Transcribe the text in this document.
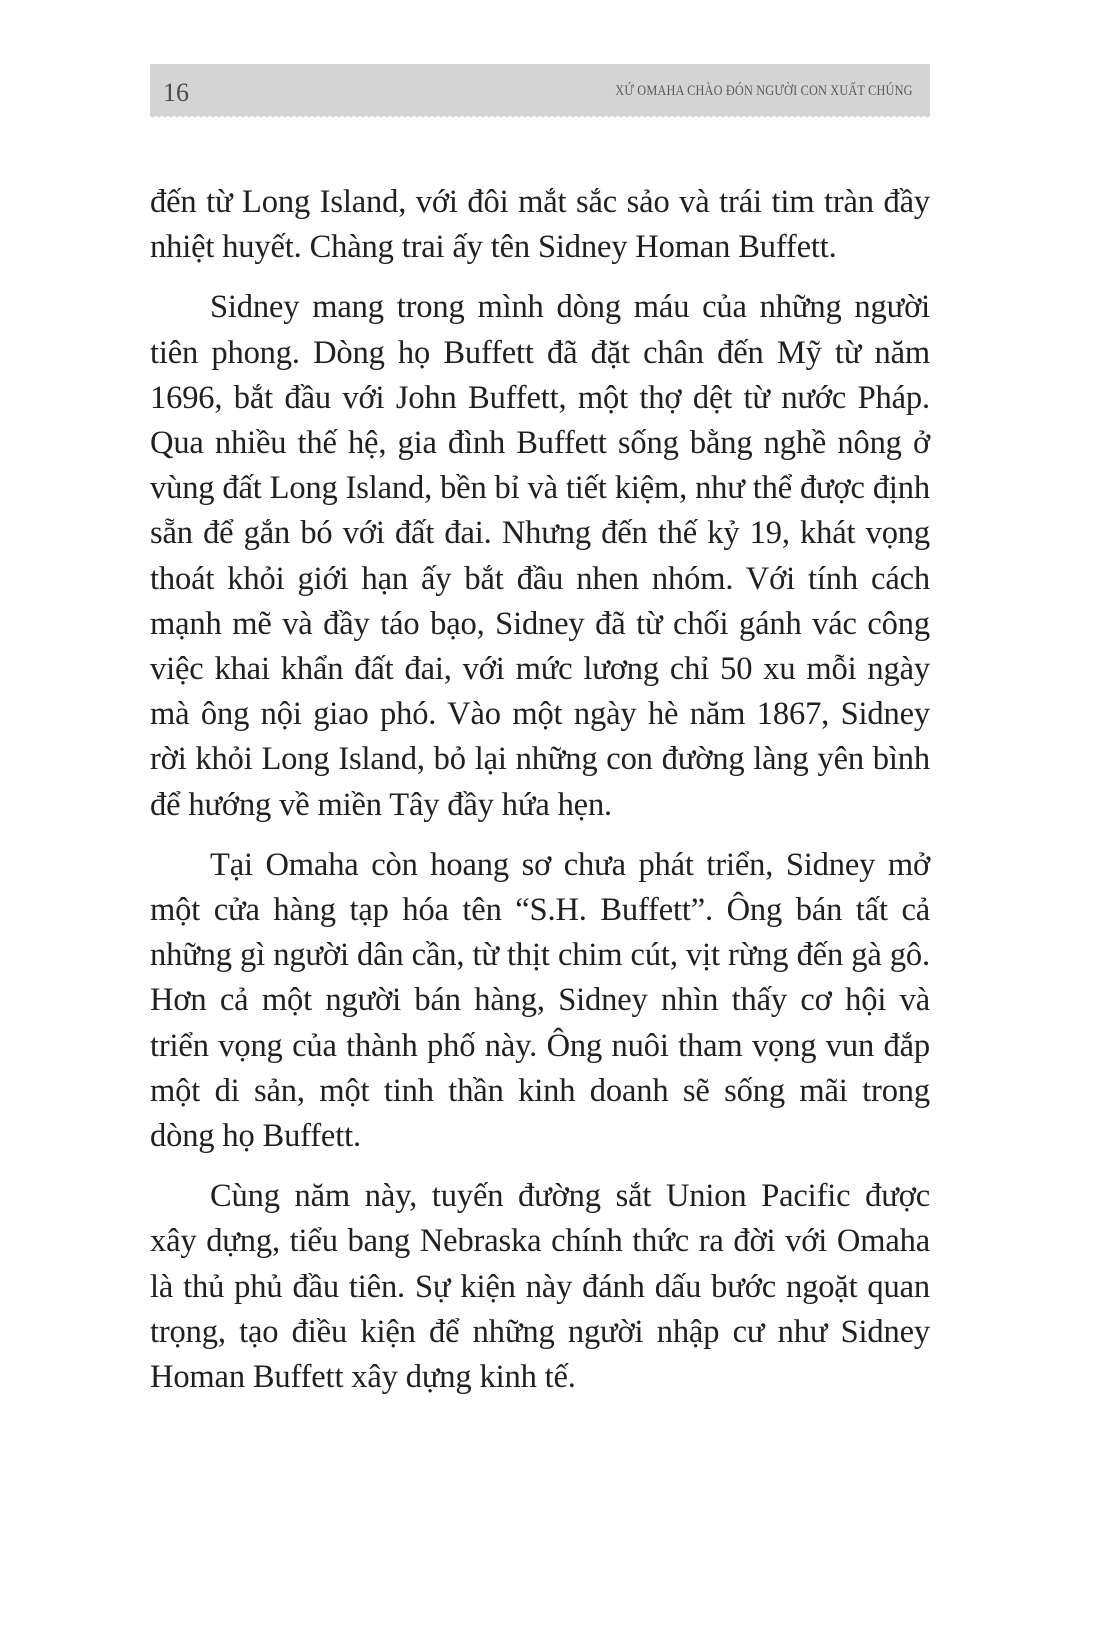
16	XỨ OMAHA CHÀO ĐÓN NGƯỜI CON XUẤT CHÚNG

đến từ Long Island, với đôi mắt sắc sảo và trái tim tràn đầy nhiệt huyết. Chàng trai ấy tên Sidney Homan Buffett.

Sidney mang trong mình dòng máu của những người tiên phong. Dòng họ Buffett đã đặt chân đến Mỹ từ năm 1696, bắt đầu với John Buffett, một thợ dệt từ nước Pháp. Qua nhiều thế hệ, gia đình Buffett sống bằng nghề nông ở vùng đất Long Island, bền bỉ và tiết kiệm, như thể được định sẵn để gắn bó với đất đai. Nhưng đến thế kỷ 19, khát vọng thoát khỏi giới hạn ấy bắt đầu nhen nhóm. Với tính cách mạnh mẽ và đầy táo bạo, Sidney đã từ chối gánh vác công việc khai khẩn đất đai, với mức lương chỉ 50 xu mỗi ngày mà ông nội giao phó. Vào một ngày hè năm 1867, Sidney rời khỏi Long Island, bỏ lại những con đường làng yên bình để hướng về miền Tây đầy hứa hẹn.

Tại Omaha còn hoang sơ chưa phát triển, Sidney mở một cửa hàng tạp hóa tên “S.H. Buffett”. Ông bán tất cả những gì người dân cần, từ thịt chim cút, vịt rừng đến gà gô. Hơn cả một người bán hàng, Sidney nhìn thấy cơ hội và triển vọng của thành phố này. Ông nuôi tham vọng vun đắp một di sản, một tinh thần kinh doanh sẽ sống mãi trong dòng họ Buffett.

Cùng năm này, tuyến đường sắt Union Pacific được xây dựng, tiểu bang Nebraska chính thức ra đời với Omaha là thủ phủ đầu tiên. Sự kiện này đánh dấu bước ngoặt quan trọng, tạo điều kiện để những người nhập cư như Sidney Homan Buffett xây dựng kinh tế.
